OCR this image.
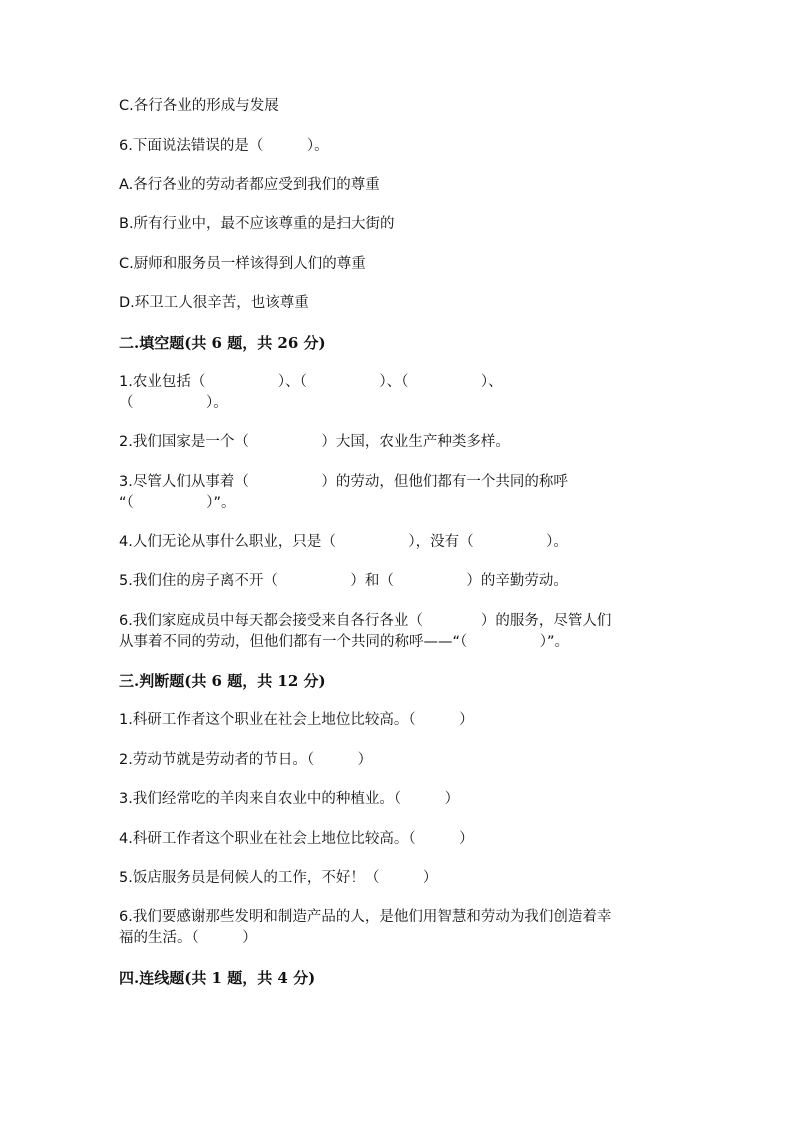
C.各行各业的形成与发展
6.下面说法错误的是（　　　）。
A.各行各业的劳动者都应受到我们的尊重
B.所有行业中，最不应该尊重的是扫大街的
C.厨师和服务员一样该得到人们的尊重
D.环卫工人很辛苦，也该尊重
二.填空题(共 6 题，共 26 分)
1.农业包括（　　　　　）、（　　　　　）、（　　　　　）、
（　　　　　）。
2.我们国家是一个（　　　　　）大国，农业生产种类多样。
3.尽管人们从事着（　　　　　）的劳动，但他们都有一个共同的称呼
“（　　　　　）”。
4.人们无论从事什么职业，只是（　　　　　），没有（　　　　　）。
5.我们住的房子离不开（　　　　　）和（　　　　　）的辛勤劳动。
6.我们家庭成员中每天都会接受来自各行各业（　　　　）的服务，尽管人们
从事着不同的劳动，但他们都有一个共同的称呼——“（　　　　　）”。
三.判断题(共 6 题，共 12 分)
1.科研工作者这个职业在社会上地位比较高。（　　　）
2.劳动节就是劳动者的节日。（　　　）
3.我们经常吃的羊肉来自农业中的种植业。（　　　）
4.科研工作者这个职业在社会上地位比较高。（　　　）
5.饭店服务员是伺候人的工作，不好！（　　　）
6.我们要感谢那些发明和制造产品的人，是他们用智慧和劳动为我们创造着幸
福的生活。（　　　）
四.连线题(共 1 题，共 4 分)
